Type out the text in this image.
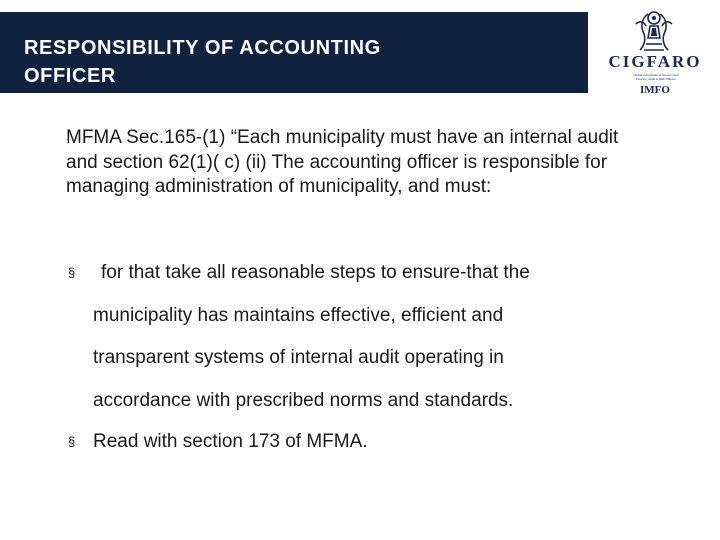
RESPONSIBILITY OF ACCOUNTING
OFFICER
CIGFARO
Chartered Institute of Government Finance, Audit & Risk Officers
IMFO
MFMA Sec.165-(1) “Each municipality must have an internal audit and section 62(1)( c) (ii) The accounting officer is responsible for managing administration of municipality, and must:
§ for that take all reasonable steps to ensure-that the
municipality has maintains effective, efficient and
transparent systems of internal audit operating in
accordance with prescribed norms and standards.
§ Read with section 173 of MFMA.
